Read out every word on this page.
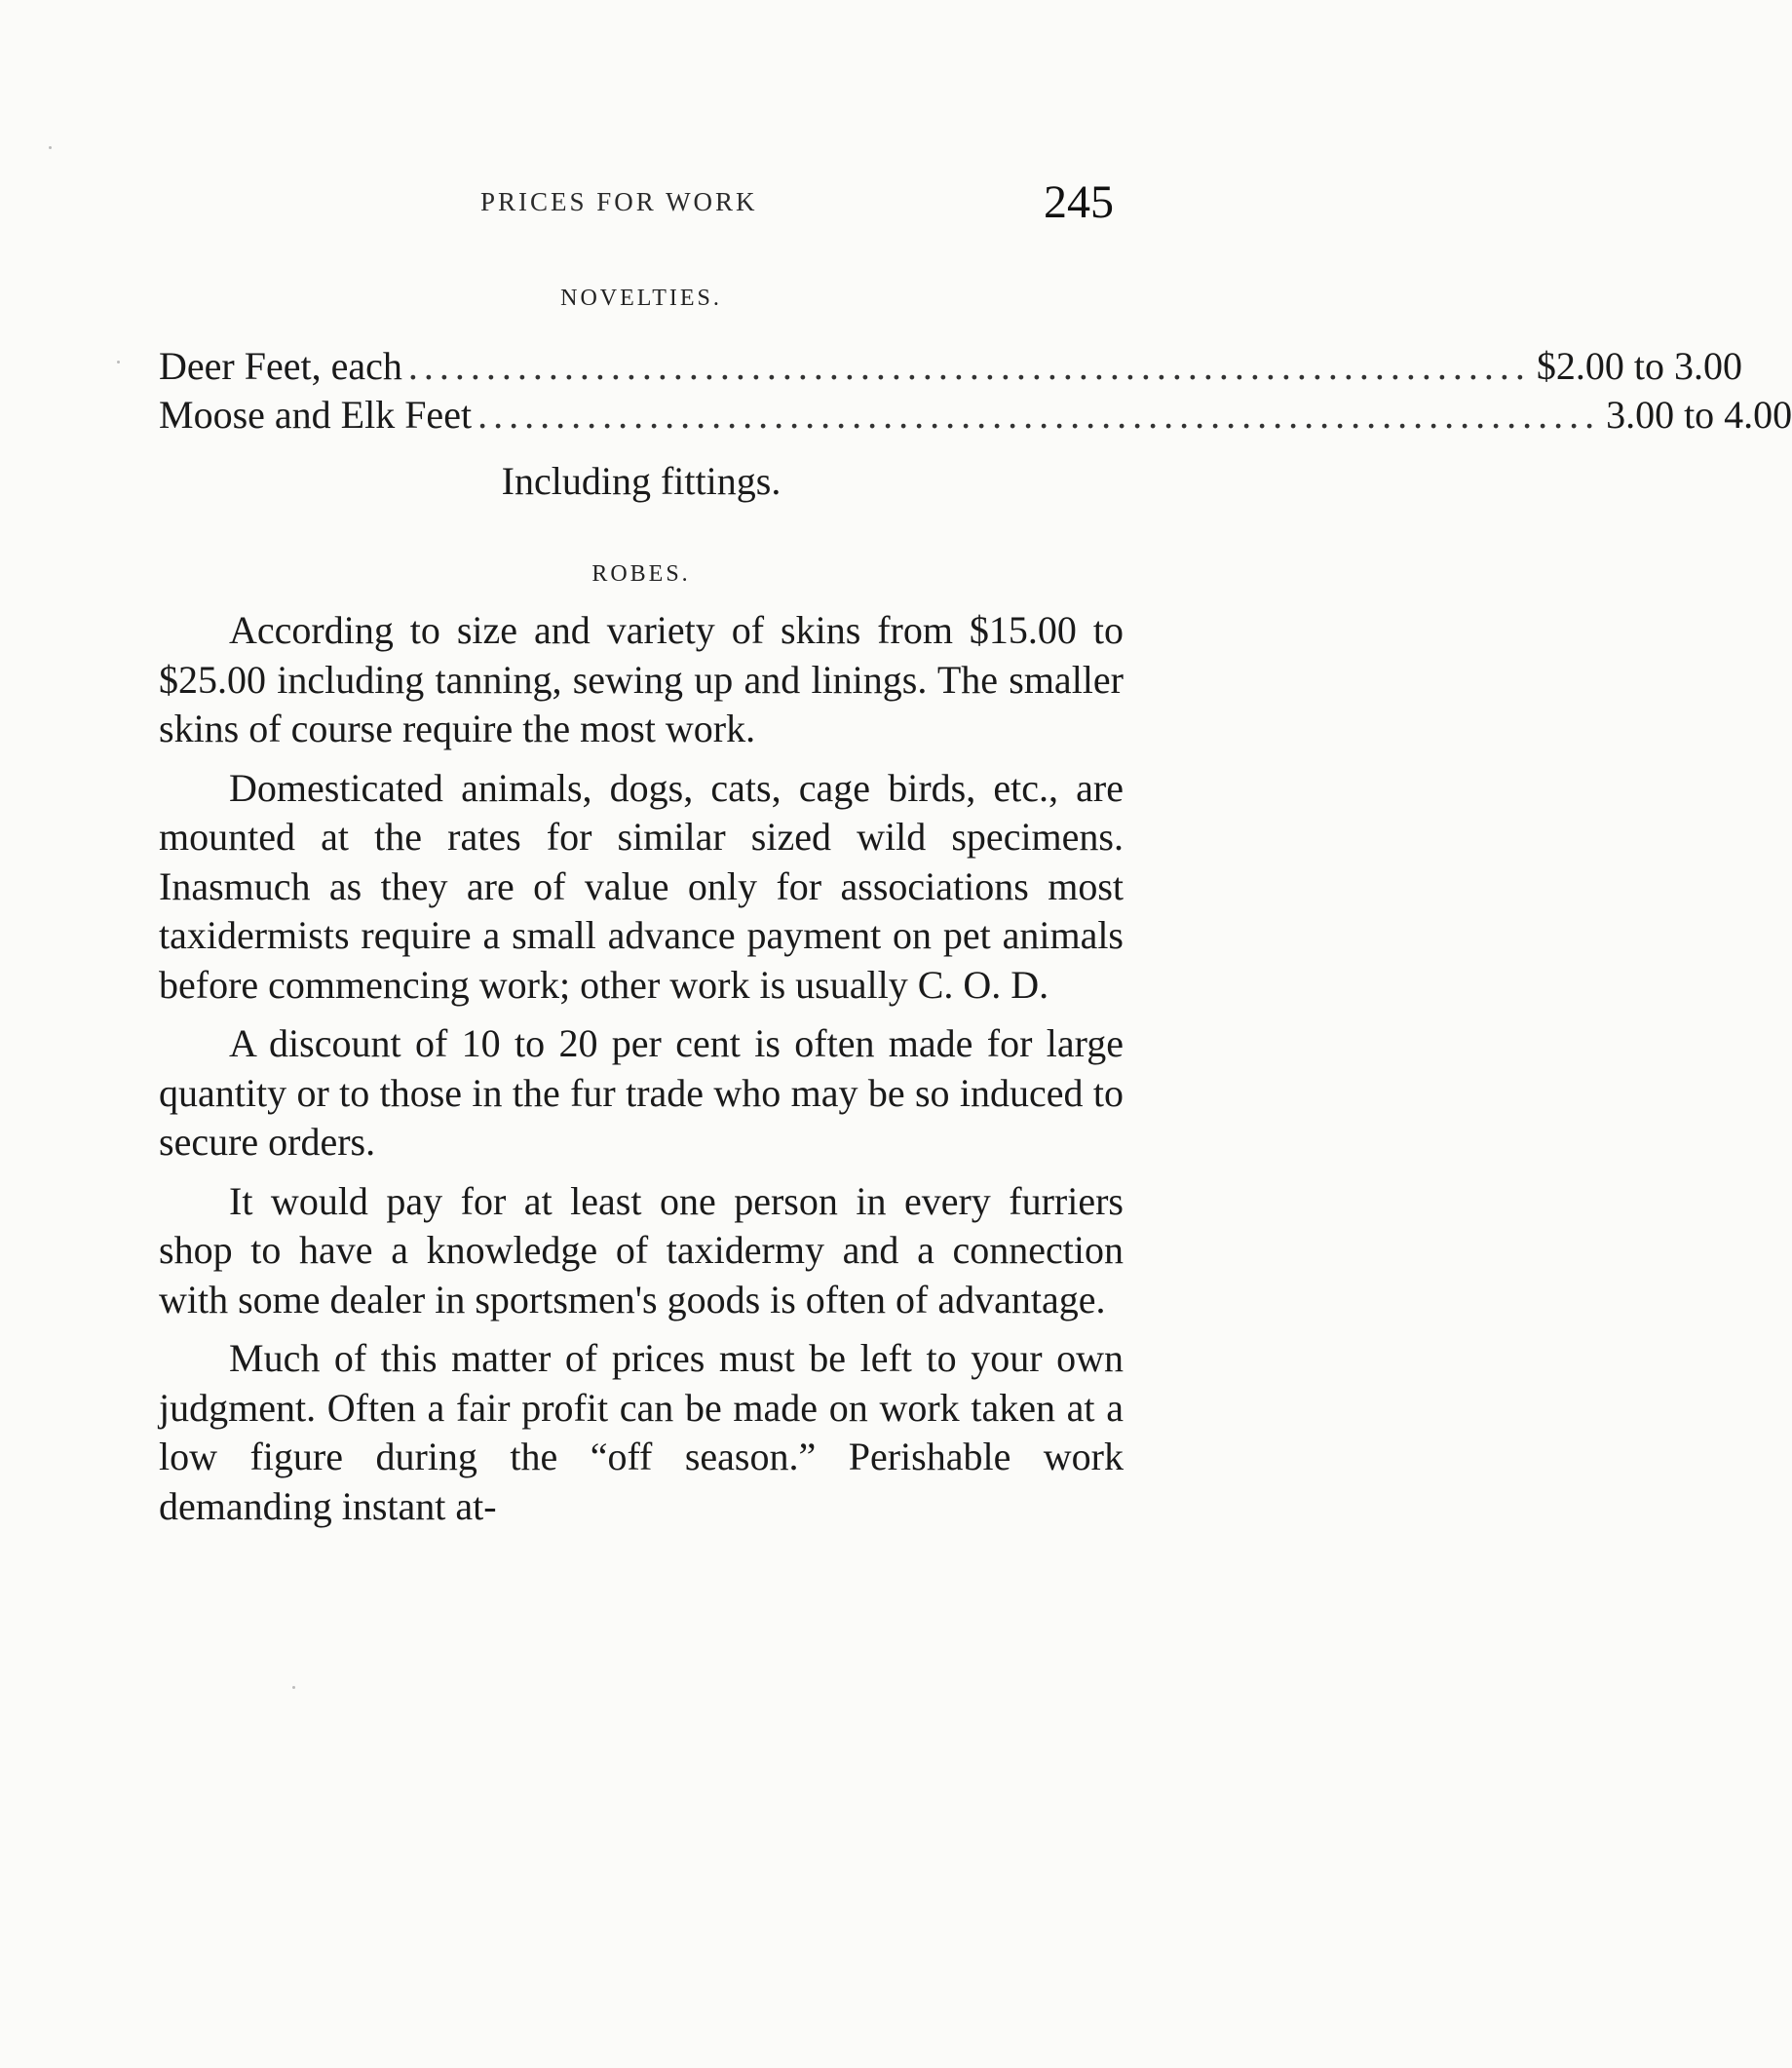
PRICES FOR WORK	245
NOVELTIES.
Deer Feet, each ........................................................................ $2.00 to 3.00
Moose and Elk Feet ........................................................................ 3.00 to 4.00
Including fittings.
ROBES.

According to size and variety of skins from $15.00 to $25.00 including tanning, sewing up and linings. The smaller skins of course require the most work.

Domesticated animals, dogs, cats, cage birds, etc., are mounted at the rates for similar sized wild specimens. Inasmuch as they are of value only for associations most taxidermists require a small advance payment on pet animals before commencing work; other work is usually C. O. D.

A discount of 10 to 20 per cent is often made for large quantity or to those in the fur trade who may be so induced to secure orders.

It would pay for at least one person in every furriers shop to have a knowledge of taxidermy and a connection with some dealer in sportsmen's goods is often of advantage.

Much of this matter of prices must be left to your own judgment. Often a fair profit can be made on work taken at a low figure during the “off season.” Perishable work demanding instant at-
